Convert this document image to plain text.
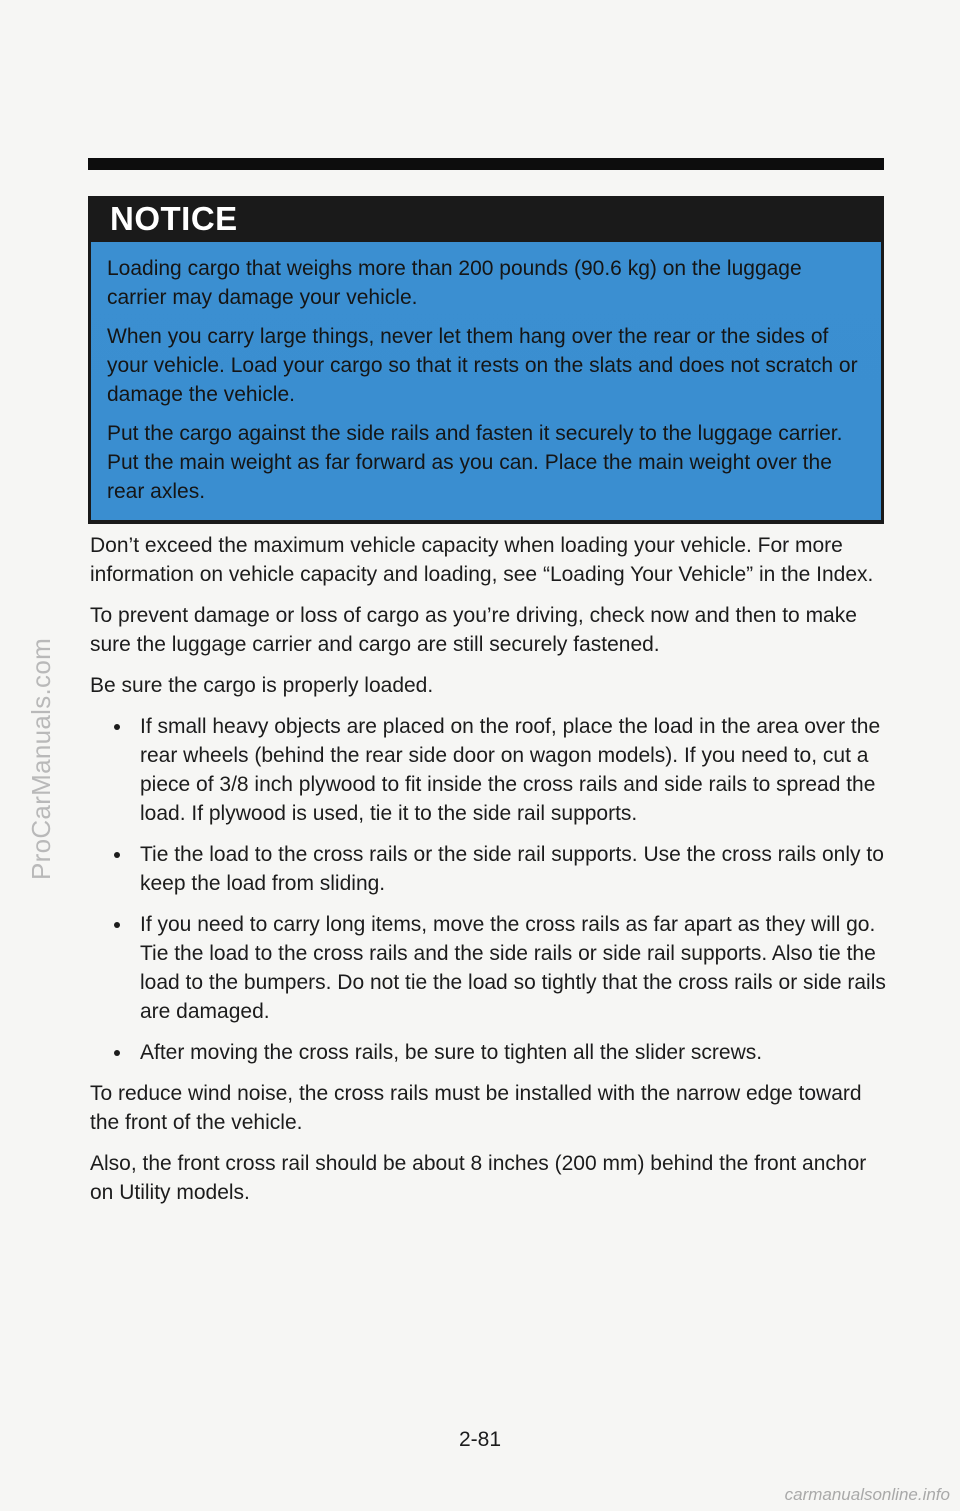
ProCarManuals.com
NOTICE

Loading cargo that weighs more than 200 pounds (90.6 kg) on the luggage carrier may damage your vehicle.

When you carry large things, never let them hang over the rear or the sides of your vehicle. Load your cargo so that it rests on the slats and does not scratch or damage the vehicle.

Put the cargo against the side rails and fasten it securely to the luggage carrier. Put the main weight as far forward as you can. Place the main weight over the rear axles.

Don’t exceed the maximum vehicle capacity when loading your vehicle. For more information on vehicle capacity and loading, see “Loading Your Vehicle” in the Index.

To prevent damage or loss of cargo as you’re driving, check now and then to make sure the luggage carrier and cargo are still securely fastened.

Be sure the cargo is properly loaded.

If small heavy objects are placed on the roof, place the load in the area over the rear wheels (behind the rear side door on wagon models). If you need to, cut a piece of 3/8 inch plywood to fit inside the cross rails and side rails to spread the load. If plywood is used, tie it to the side rail supports.
Tie the load to the cross rails or the side rail supports. Use the cross rails only to keep the load from sliding.
If you need to carry long items, move the cross rails as far apart as they will go. Tie the load to the cross rails and the side rails or side rail supports. Also tie the load to the bumpers. Do not tie the load so tightly that the cross rails or side rails are damaged.
After moving the cross rails, be sure to tighten all the slider screws.

To reduce wind noise, the cross rails must be installed with the narrow edge toward the front of the vehicle.

Also, the front cross rail should be about 8 inches (200 mm) behind the front anchor on Utility models.

2-81
carmanualsonline.info
